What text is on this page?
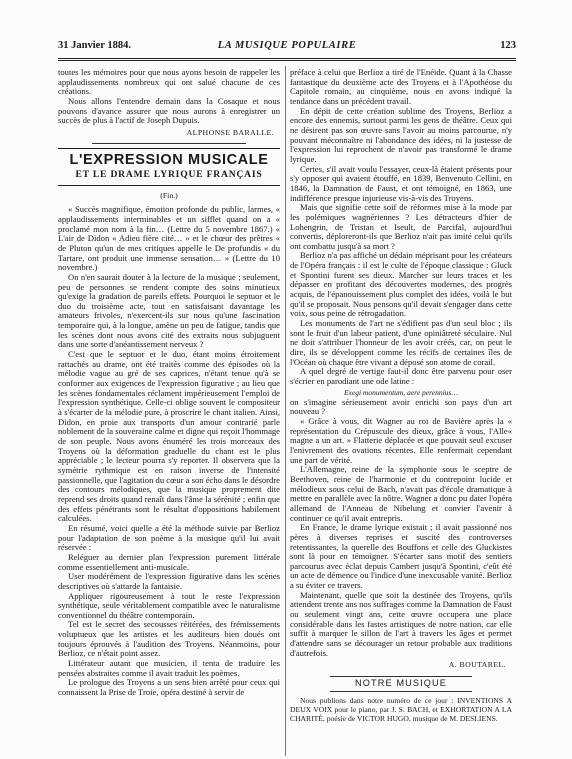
31 Janvier 1884.	LA MUSIQUE POPULAIRE	123

toutes les mémoires pour que nous ayons besoin de rappeler les applaudissements nombreux qui ont salué chacune de ces créations.

Nous allons l'entendre demain dans la Cosaque et nous pouvons d'avance assurer que nous aurons à enregistrer un succès de plus à l'actif de Joseph Dupuis.

ALPHONSE BARALLE.
L'EXPRESSION MUSICALE
ET LE DRAME LYRIQUE FRANÇAIS
(Fin.)

« Succès magnifique, émotion profonde du public, larmes, « applaudissements interminables et un sifflet quand on a « proclamé mon nom à la fin… (Lettre du 5 novembre 1867.) « L'air de Didon « Adieu fière cité… » et le chœur des prêtres « de Pluton qu'un de mes critiques appelle le De profundis « du Tartare, ont produit une immense sensation… » (Lettre du 10 novembre.)

On n'en saurait douter à la lecture de la musique ; seulement, peu de personnes se rendent compte des soins minutieux qu'exige la gradation de pareils effets. Pourquoi le septuor et le duo du troisième acte, tout en satisfaisant davantage les amateurs frivoles, n'exercent-ils sur nous qu'une fascination temporaire qui, à la longue, amène un peu de fatigue, tandis que les scènes dont nous avons cité des extraits nous subjuguent dans une sorte d'anéantissement nerveux ?

C'est que le septuor et le duo, étant moins étroitement rattachés au drame, ont été traités comme des épisodes où la mélodie vague au gré de ses caprices, n'étant tenue qu'à se conformer aux exigences de l'expression figurative ; au lieu que les scènes fondamentales réclament impérieusement l'emploi de l'expression synthétique. Celle-ci oblige souvent le compositeur à s'écarter de la mélodie pure, à proscrire le chant italien. Ainsi, Didon, en proie aux transports d'un amour contrarié parle noblement de la souveraine calme et digne qui reçoit l'hommage de son peuple. Nous avons énuméré les trois morceaux des Troyens où la déformation graduelle du chant est le plus appréciable ; le lecteur pourra s'y reporter. Il observera que la symétrie rythmique est en raison inverse de l'intensité passionnelle, que l'agitation du cœur a son écho dans le désordre des contours mélodiques, que la musique proprement dite reprend ses droits quand renaît dans l'âme la sérénité ; enfin que des effets pénétrants sont le résultat d'oppositions habilement calculées.

En résumé, voici quelle a été la méthode suivie par Berlioz pour l'adaptation de son poème à la musique qu'il lui avait réservée :

Reléguer au dernier plan l'expression purement littérale comme essentiellement anti-musicale.

User modérément de l'expression figurative dans les scènes descriptives où s'attarde la fantaisie.

Appliquer rigoureusement à tout le reste l'expression synthétique, seule véritablement compatible avec le naturalisme conventionnel du théâtre contemporain.

Tel est le secret des secousses réitérées, des frémissements voluptueux que les artistes et les auditeurs bien doués ont toujours éprouvés à l'audition des Troyens. Néanmoins, pour Berlioz, ce n'était point assez.

Littérateur autant que musicien, il tenta de traduire les pensées abstraites comme il avait traduit les poèmes.

Le prologue des Troyens a un sens bien arrêté pour ceux qui connaissent la Prise de Troie, opéra destiné à servir de

préface à celui que Berlioz a tiré de l'Enéide. Quant à la Chasse fantastique du deuxième acte des Troyens et à l'Apothéose du Capitole romain, au cinquième, nous en avons indiqué la tendance dans un précédent travail.

En dépit de cette création sublime des Troyens, Berlioz a encore des ennemis, surtout parmi les gens de théâtre. Ceux qui ne désirent pas son œuvre sans l'avoir au moins parcourue, n'y pouvant méconnaître ni l'abondance des idées, ni la justesse de l'expression lui reprochent de n'avoir pas transformé le drame lyrique.

Certes, s'il avait voulu l'essayer, ceux-là étaient présents pour s'y opposer qui avaient étouffé, en 1839, Benvenuto Cellini, en 1846, la Damnation de Faust, et ont témoigné, en 1863, une indifférence presque injurieuse vis-à-vis des Troyens.

Mais que signifie cette soif de réformes mise à la mode par les polémiques wagnériennes ? Les détracteurs d'hier de Lohengrin, de Tristan et Iseult, de Parcifal, aujourd'hui convertis, déploreront-ils que Berlioz n'ait pas imité celui qu'ils ont combattu jusqu'à sa mort ?

Berlioz n'a pas affiché un dédain méprisant pour les créateurs de l'Opéra français : il est le culte de l'époque classique : Gluck et Spontini furent ses dieux. Marcher sur leurs traces et les dépasser en profitant des découvertes modernes, des progrès acquis, de l'épanouissement plus complet des idées, voilà le but qu'il se proposait. Nous pensons qu'il devait s'engager dans cette voix, sous peine de rétrogadation.

Les monuments de l'art ne s'édifient pas d'un seul bloc ; ils sont le fruit d'un labeur patient, d'une opiniâtreté séculaire. Nul ne doit s'attribuer l'honneur de les avoir créés, car, on peut le dire, ils se développent comme les récifs de certaines îles de l'Océan où chaque être vivant a déposé son atome de corail.

A quel degré de vertige faut-il donc être parvenu pour oser s'écrier en parodiant une ode latine :

Exegi monumentum, aere perennius…

on s'imagine sérieusement avoir enrichi son pays d'un art nouveau ?

« Grâce à vous, dit Wagner au roi de Bavière après la « représentation du Crépuscule des dieux, grâce à vous, l'Alle« magne a un art. » Flatterie déplacée et que pouvait seul excuser l'enivrement des ovations récentes. Elle renfermait cependant une part de vérité.

L'Allemagne, reine de la symphonie sous le sceptre de Beethoven, reine de l'harmonie et du contrepoint lucide et mélodieux sous celui de Bach, n'avait pas d'école dramatique à mettre en parallèle avec la nôtre. Wagner a donc pu dater l'opéra allemand de l'Anneau de Nibelung et convier l'avenir à continuer ce qu'il avait entrepris.

En France, le drame lyrique existait ; il avait passionné nos pères à diverses reprises et suscité des controverses retentissantes, la querelle des Bouffons et celle des Gluckistes sont là pour en témoigner. S'écarter sans motif des sentiers parcourus avec éclat depuis Cambert jusqu'à Spontini, c'eût été un acte de démence ou l'indice d'une inexcusable vanité. Berlioz a su éviter ce travers.

Maintenant, quelle que soit la destinée des Troyens, qu'ils attendent trente ans nos suffrages comme la Damnation de Faust ou seulement vingt ans, cette œuvre occupera une place considérable dans les fastes artistiques de notre nation, car elle suffit à marquer le sillon de l'art à travers les âges et permet d'attendre sans se décourager un retour probable aux traditions d'autrefois.

A. BOUTAREL.
NOTRE MUSIQUE

Nous publions dans notre numéro de ce jour : INVENTIONS A DEUX VOIX pour le piano, par J. S. BACH, et EXHORTATION A LA CHARITÉ, poésie de VICTOR HUGO, musique de M. DESLIENS.
